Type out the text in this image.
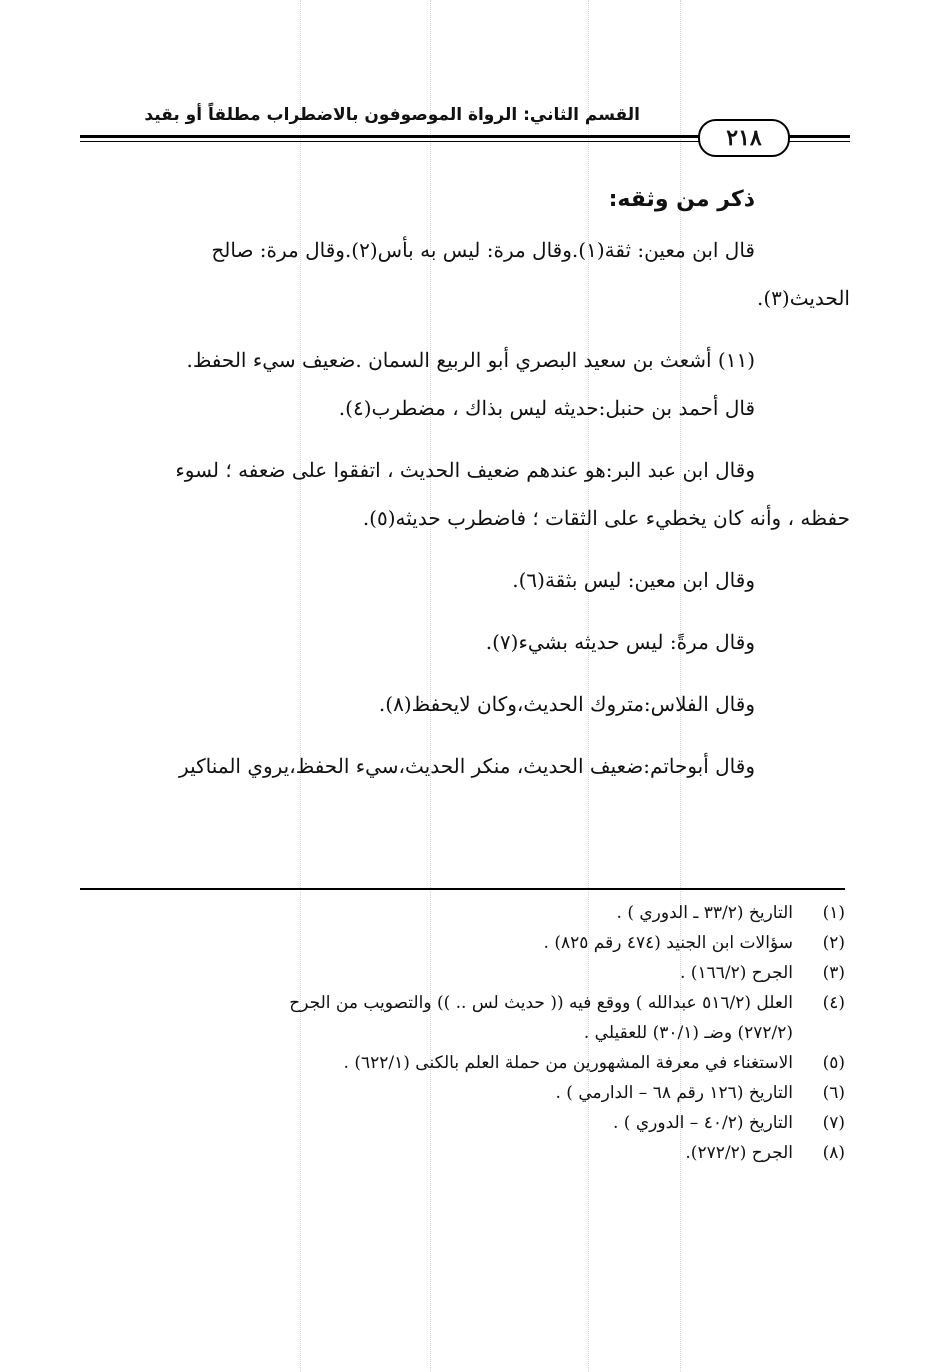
القسم الثاني: الرواة الموصوفون بالاضطراب مطلقاً أو بقيد
٢١٨
ذكر من وثقه:

قال ابن معين: ثقة(١).وقال مرة: ليس به بأس(٢).وقال مرة: صالح

الحديث(٣).

(١١) أشعث بن سعيد البصري أبو الربيع السمان .ضعيف سيء الحفظ.

قال أحمد بن حنبل:حديثه ليس بذاك ، مضطرب(٤).

وقال ابن عبد البر:هو عندهم ضعيف الحديث ، اتفقوا على ضعفه ؛ لسوء

حفظه ، وأنه كان يخطيء على الثقات ؛ فاضطرب حديثه(٥).

وقال ابن معين: ليس بثقة(٦).

وقال مرةً: ليس حديثه بشيء(٧).

وقال الفلاس:متروك الحديث،وكان لايحفظ(٨).

وقال أبوحاتم:ضعيف الحديث، منكر الحديث،سيء الحفظ،يروي المناكير

(١)
التاريخ (٣٣/٢ ـ الدوري ) .
(٢)
سؤالات ابن الجنيد (٤٧٤ رقم ٨٢٥) .
(٣)
الجرح (١٦٦/٢) .
(٤)
العلل (٥١٦/٢ عبدالله ) ووقع فيه (( حديث لس .. )) والتصويب من الجرح
(٢٧٢/٢) وضـ (٣٠/١) للعقيلي .
(٥)
الاستغناء في معرفة المشهورين من حملة العلم بالكنى (٦٢٢/١) .
(٦)
التاريخ (١٢٦ رقم ٦٨ – الدارمي ) .
(٧)
التاريخ (٤٠/٢ – الدوري ) .
(٨)
الجرح (٢٧٢/٢).
